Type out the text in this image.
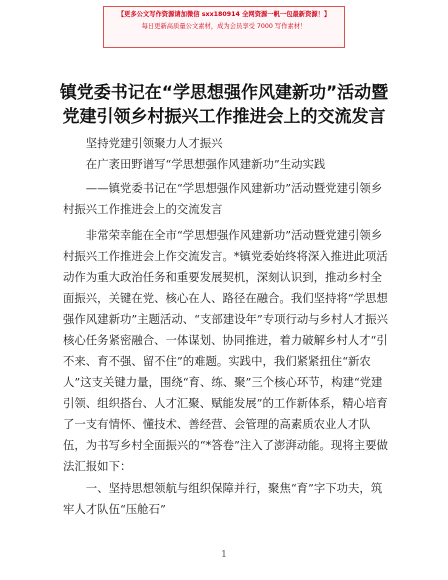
【更多公文写作资源请加微信 sxx180914 全网资源一帆一包最新资源！】
每日更新高质量公文素材，成为会员享受 7000 写作素材！
镇党委书记在“学思想强作风建新功”活动暨
党建引领乡村振兴工作推进会上的交流发言
坚持党建引领聚力人才振兴
在广袤田野谱写“学思想强作风建新功”生动实践
——镇党委书记在“学思想强作风建新功”活动暨党建引领乡村振兴工作推进会上的交流发言
非常荣幸能在全市“学思想强作风建新功”活动暨党建引领乡村振兴工作推进会上作交流发言。*镇党委始终将深入推进此项活动作为重大政治任务和重要发展契机，深刻认识到，推动乡村全面振兴，关键在党、核心在人、路径在融合。我们坚持将“学思想强作风建新功”主题活动、“支部建设年”专项行动与乡村人才振兴核心任务紧密融合、一体谋划、协同推进，着力破解乡村人才“引不来、育不强、留不住”的难题。实践中，我们紧紧扭住“新农人”这支关键力量，围绕“育、练、聚”三个核心环节，构建“党建引领、组织搭台、人才汇聚、赋能发展”的工作新体系，精心培育了一支有情怀、懂技术、善经营、会管理的高素质农业人才队伍，为书写乡村全面振兴的“*答卷”注入了澎湃动能。现将主要做法汇报如下：
一、坚持思想领航与组织保障并行，聚焦“育”字下功夫，筑牢人才队伍“压舱石”
1
